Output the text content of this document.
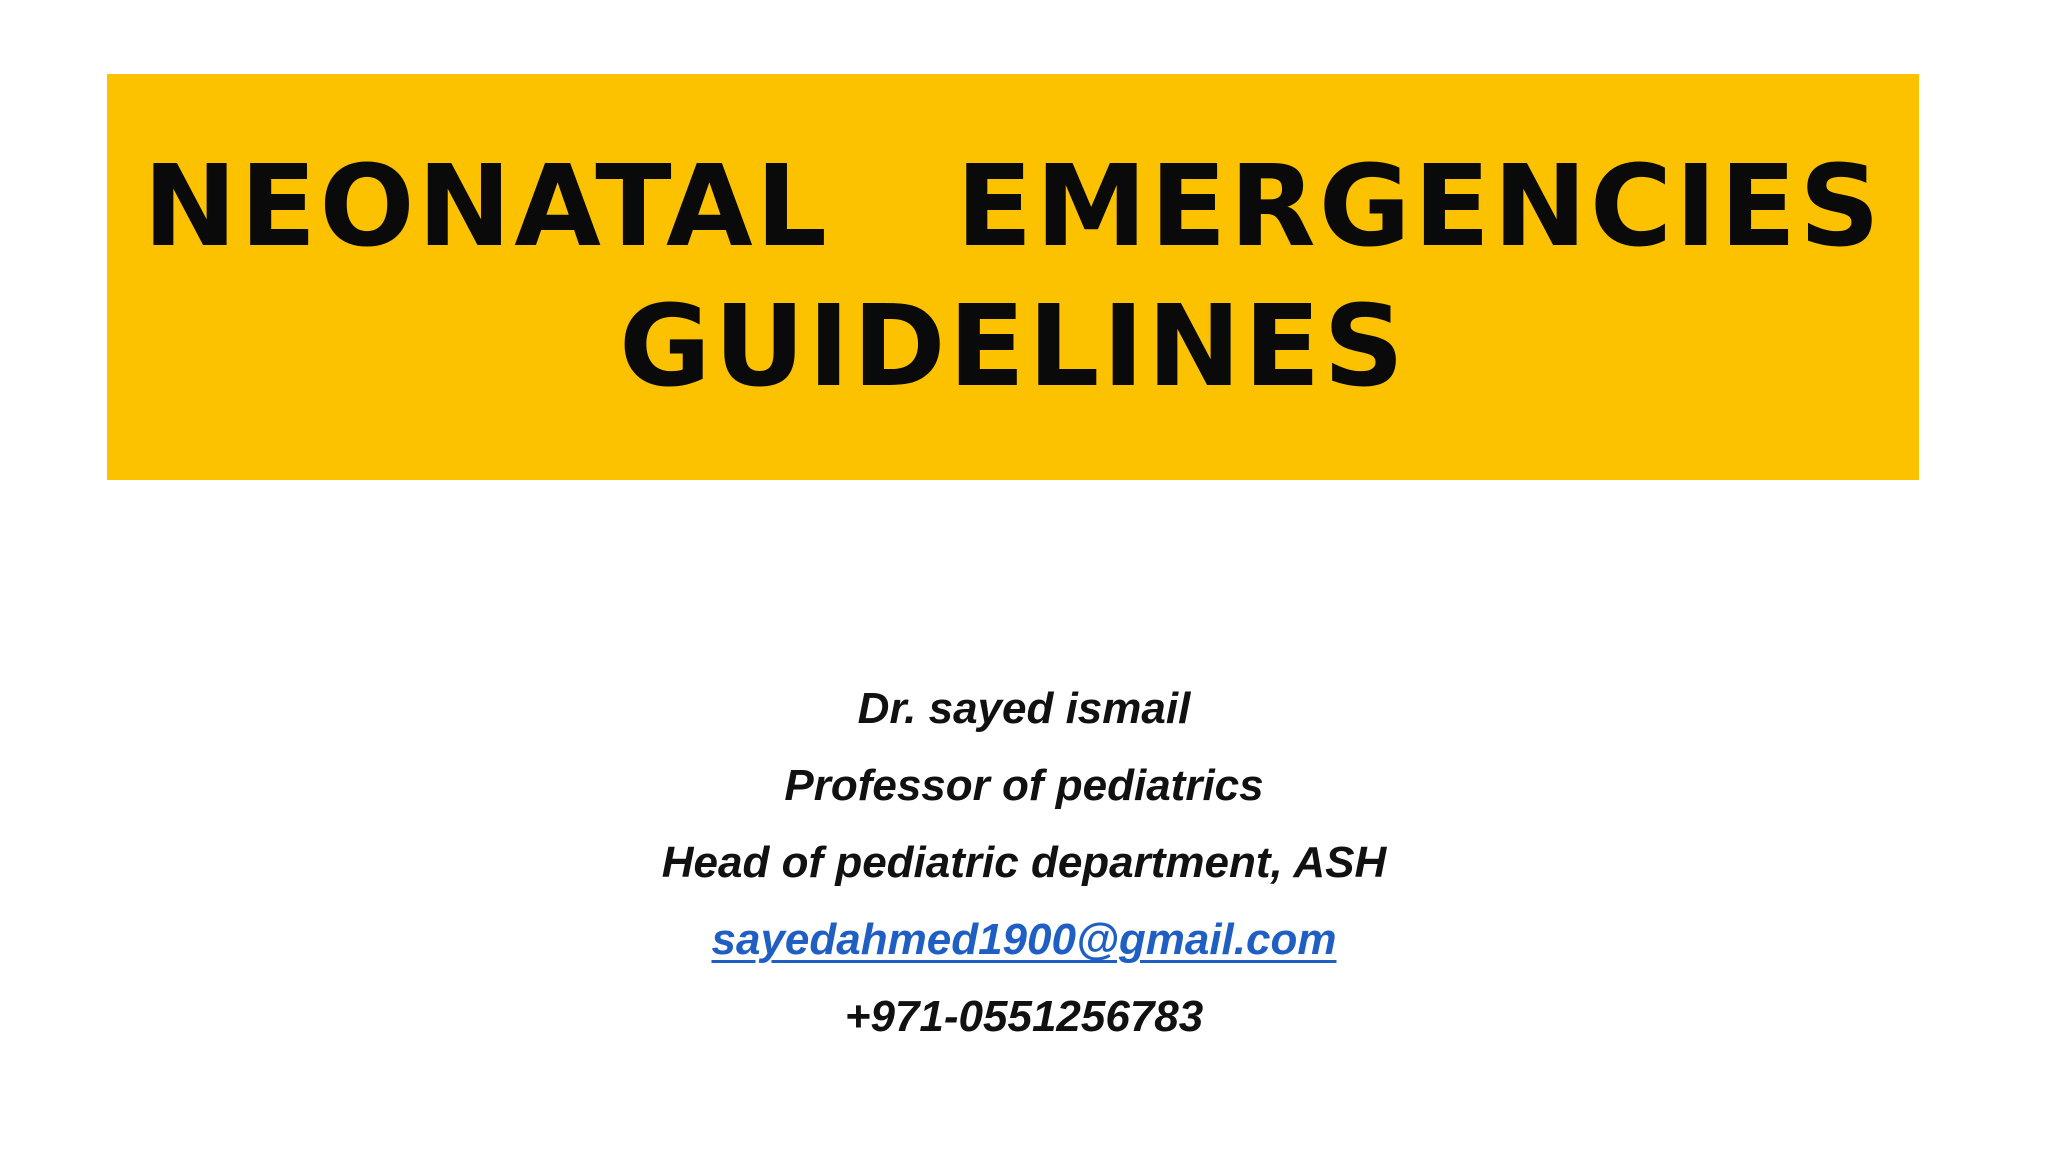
NEONATAL   EMERGENCIES
GUIDELINES
Dr. sayed ismail
Professor of pediatrics
Head of pediatric department, ASH
sayedahmed1900@gmail.com
+971-0551256783
